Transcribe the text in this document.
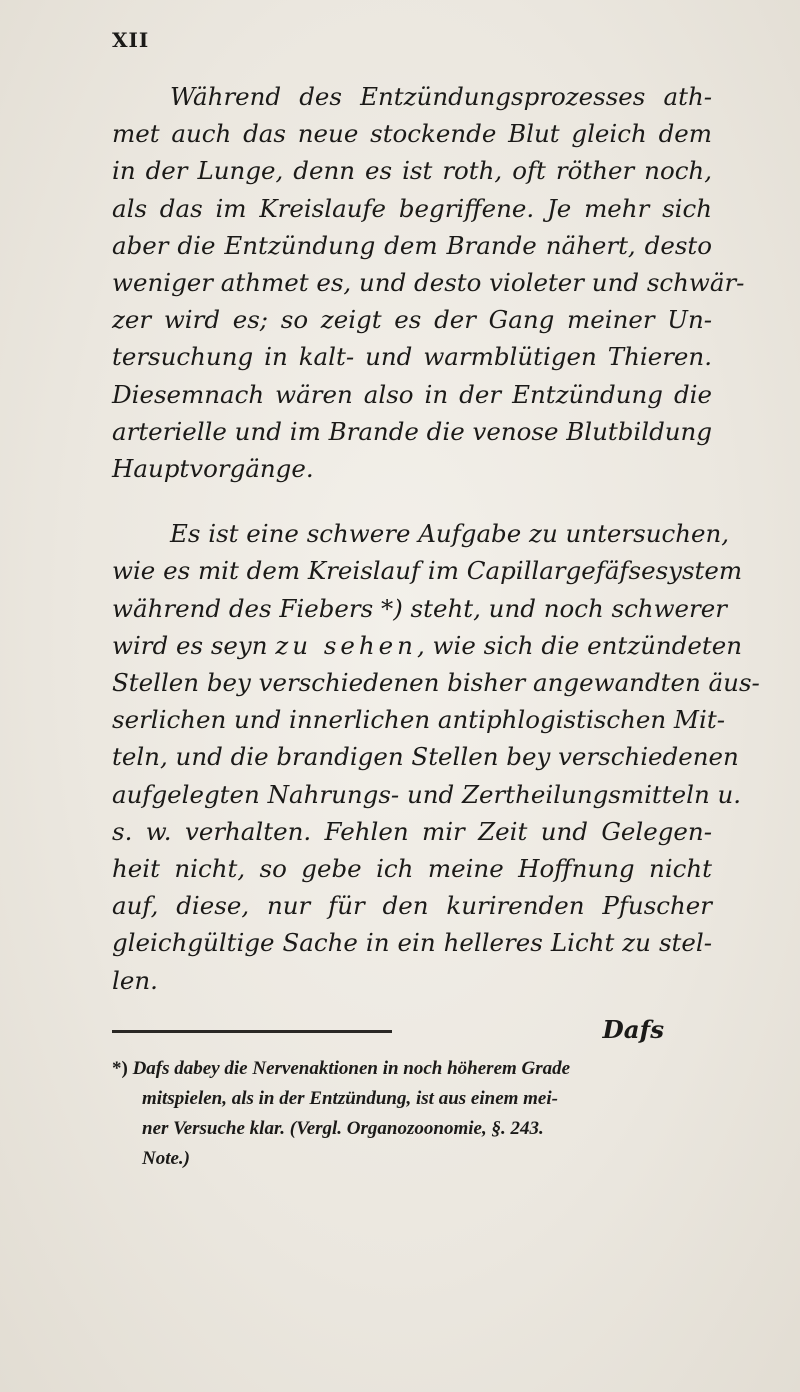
XII
Während des Entzündungsprozesses ath-
met auch das neue stockende Blut gleich dem
in der Lunge, denn es ist roth, oft röther noch,
als das im Kreislaufe begriffene. Je mehr sich
aber die Entzündung dem Brande nähert, desto
weniger athmet es, und desto violeter und schwär-
zer wird es; so zeigt es der Gang meiner Un-
tersuchung in kalt- und warmblütigen Thieren.
Diesemnach wären also in der Entzündung die
arterielle und im Brande die venose Blutbildung
Hauptvorgänge.
Es ist eine schwere Aufgabe zu untersuchen,
wie es mit dem Kreislauf im Capillargefäfsesystem
während des Fiebers *) steht, und noch schwerer
wird es seyn zu sehen, wie sich die entzündeten
Stellen bey verschiedenen bisher angewandten äus-
serlichen und innerlichen antiphlogistischen Mit-
teln, und die brandigen Stellen bey verschiedenen
aufgelegten Nahrungs- und Zertheilungsmitteln u.
s. w. verhalten. Fehlen mir Zeit und Gelegen-
heit nicht, so gebe ich meine Hoffnung nicht
auf, diese, nur für den kurirenden Pfuscher
gleichgültige Sache in ein helleres Licht zu stel-
len.
Dafs
*) Dafs dabey die Nervenaktionen in noch höherem Grade
mitspielen, als in der Entzündung, ist aus einem mei-
ner Versuche klar. (Vergl. Organozoonomie, §. 243.
Note.)
